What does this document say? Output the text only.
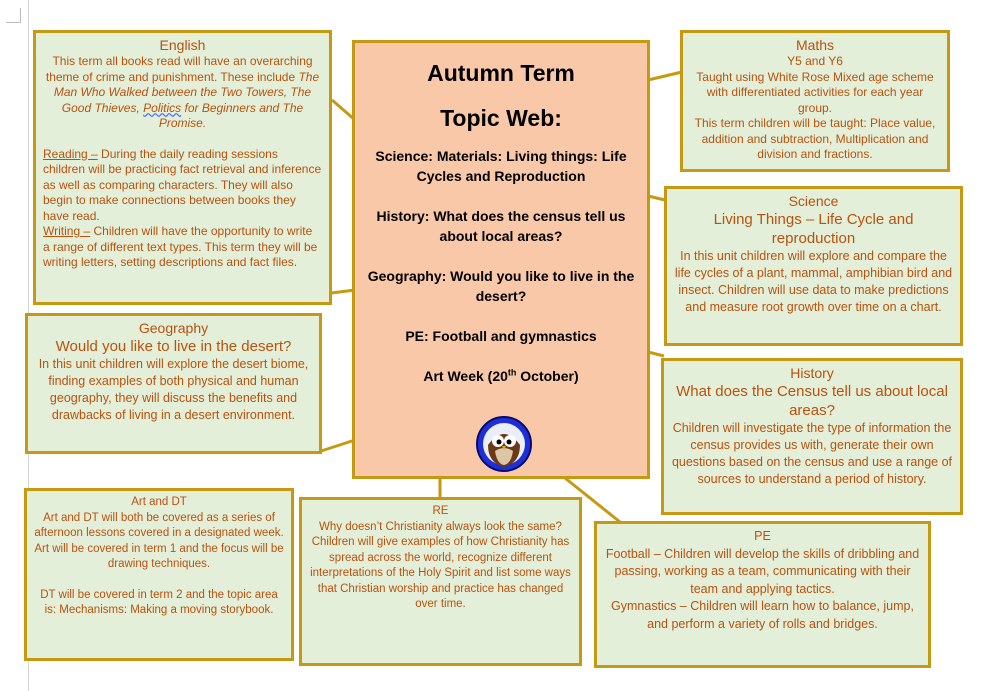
Autumn Term
Topic Web:
Science: Materials: Living things: Life Cycles and Reproduction
History: What does the census tell us about local areas?
Geography: Would you like to live in the desert?
PE: Football and gymnastics
Art Week (20th October)
English

This term all books read will have an overarching theme of crime and punishment. These include The Man Who Walked between the Two Towers, The Good Thieves, Politics for Beginners and The Promise.

Reading – During the daily reading sessions children will be practicing fact retrieval and inference as well as comparing characters. They will also begin to make connections between books they have read.

Writing – Children will have the opportunity to write a range of different text types. This term they will be writing letters, setting descriptions and fact files.

Maths

Y5 and Y6

Taught using White Rose Mixed age scheme with differentiated activities for each year group.

This term children will be taught: Place value, addition and subtraction, Multiplication and division and fractions.

Science
Living Things – Life Cycle and reproduction

In this unit children will explore and compare the life cycles of a plant, mammal, amphibian bird and insect. Children will use data to make predictions and measure root growth over time on a chart.

Geography
Would you like to live in the desert?

In this unit children will explore the desert biome, finding examples of both physical and human geography, they will discuss the benefits and drawbacks of living in a desert environment.

History
What does the Census tell us about local areas?

Children will investigate the type of information the census provides us with, generate their own questions based on the census and use a range of sources to understand a period of history.

Art and DT

Art and DT will both be covered as a series of afternoon lessons covered in a designated week. Art will be covered in term 1 and the focus will be drawing techniques.

DT will be covered in term 2 and the topic area is: Mechanisms: Making a moving storybook.

RE

Why doesn’t Christianity always look the same?

Children will give examples of how Christianity has spread across the world, recognize different interpretations of the Holy Spirit and list some ways that Christian worship and practice has changed over time.

PE

Football – Children will develop the skills of dribbling and passing, working as a team, communicating with their team and applying tactics.

Gymnastics – Children will learn how to balance, jump, and perform a variety of rolls and bridges.
